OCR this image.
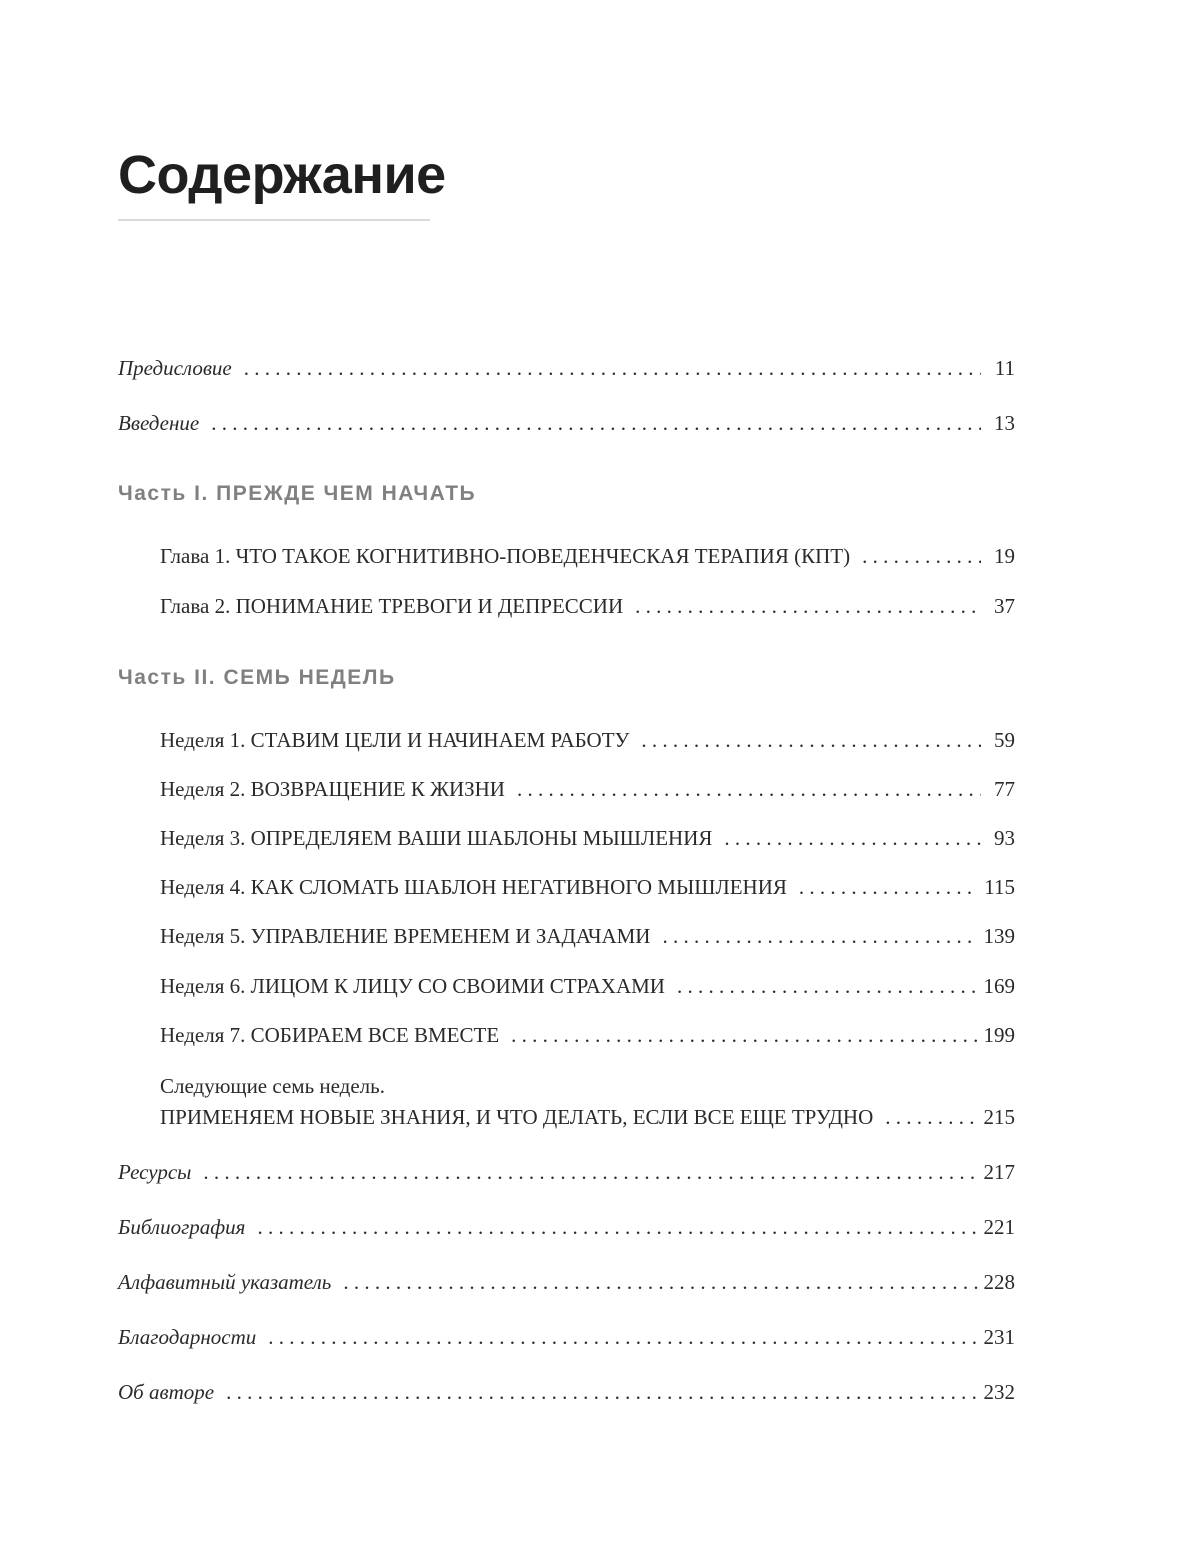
Содержание
Предисловие . . .	11
Введение . . .	13
Часть I. ПРЕЖДЕ ЧЕМ НАЧАТЬ
Глава 1. ЧТО ТАКОЕ КОГНИТИВНО-ПОВЕДЕНЧЕСКАЯ ТЕРАПИЯ (КПТ) . . .	19
Глава 2. ПОНИМАНИЕ ТРЕВОГИ И ДЕПРЕССИИ . . .	37
Часть II. СЕМЬ НЕДЕЛЬ
Неделя 1. СТАВИМ ЦЕЛИ И НАЧИНАЕМ РАБОТУ . . .	59
Неделя 2. ВОЗВРАЩЕНИЕ К ЖИЗНИ . . .	77
Неделя 3. ОПРЕДЕЛЯЕМ ВАШИ ШАБЛОНЫ МЫШЛЕНИЯ . . .	93
Неделя 4. КАК СЛОМАТЬ ШАБЛОН НЕГАТИВНОГО МЫШЛЕНИЯ . . .	115
Неделя 5. УПРАВЛЕНИЕ ВРЕМЕНЕМ И ЗАДАЧАМИ . . .	139
Неделя 6. ЛИЦОМ К ЛИЦУ СО СВОИМИ СТРАХАМИ . . .	169
Неделя 7. СОБИРАЕМ ВСЕ ВМЕСТЕ . . .	199
Следующие семь недель.
ПРИМЕНЯЕМ НОВЫЕ ЗНАНИЯ, И ЧТО ДЕЛАТЬ, ЕСЛИ ВСЕ ЕЩЕ ТРУДНО . . .	215
Ресурсы . . .	217
Библиография . . .	221
Алфавитный указатель . . .	228
Благодарности . . .	231
Об авторе . . .	232
